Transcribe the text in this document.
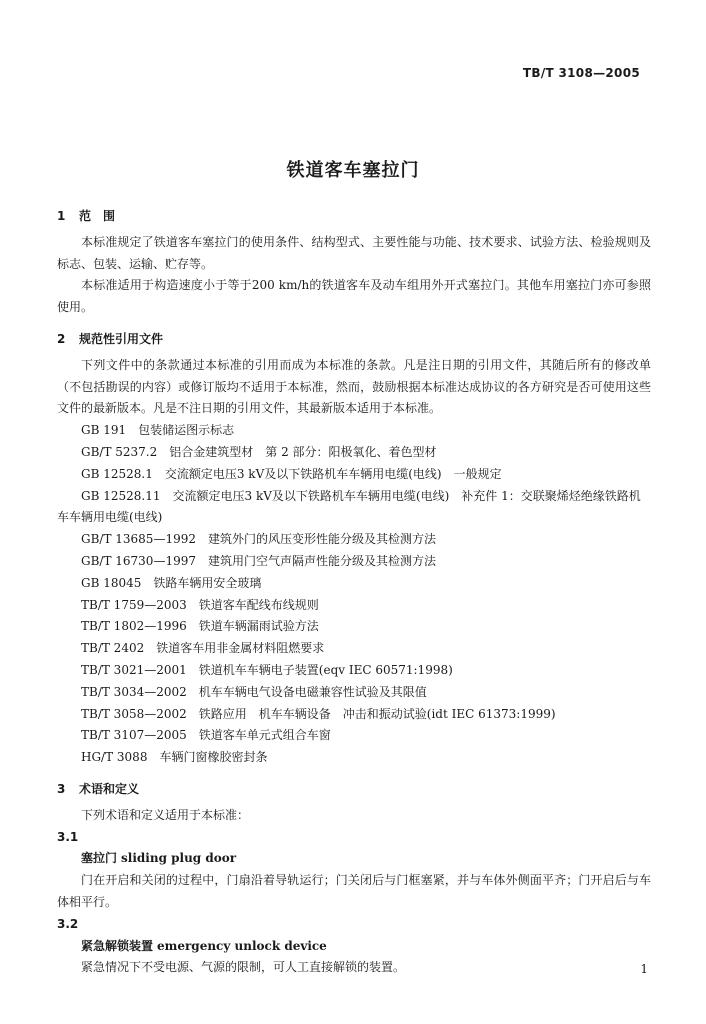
TB/T 3108—2005
铁道客车塞拉门
1 范　围

本标准规定了铁道客车塞拉门的使用条件、结构型式、主要性能与功能、技术要求、试验方法、检验规则及标志、包装、运输、贮存等。

本标准适用于构造速度小于等于200 km/h的铁道客车及动车组用外开式塞拉门。其他车用塞拉门亦可参照使用。

2 规范性引用文件

下列文件中的条款通过本标准的引用而成为本标准的条款。凡是注日期的引用文件，其随后所有的修改单（不包括勘误的内容）或修订版均不适用于本标准，然而，鼓励根据本标准达成协议的各方研究是否可使用这些文件的最新版本。凡是不注日期的引用文件，其最新版本适用于本标准。

GB 191　 包装储运图示标志

GB/T 5237.2　 铝合金建筑型材　第 2 部分：阳极氧化、着色型材

GB 12528.1　 交流额定电压3 kV及以下铁路机车车辆用电缆(电线)　一般规定

GB 12528.11　 交流额定电压3 kV及以下铁路机车车辆用电缆(电线)　补充件 1：交联聚烯烃绝缘铁路机车车辆用电缆(电线)

GB/T 13685—1992　 建筑外门的风压变形性能分级及其检测方法

GB/T 16730—1997　 建筑用门空气声隔声性能分级及其检测方法

GB 18045　 铁路车辆用安全玻璃

TB/T 1759—2003　 铁道客车配线布线规则

TB/T 1802—1996　 铁道车辆漏雨试验方法

TB/T 2402　 铁道客车用非金属材料阻燃要求

TB/T 3021—2001　 铁道机车车辆电子装置(eqv IEC 60571:1998)

TB/T 3034—2002　 机车车辆电气设备电磁兼容性试验及其限值

TB/T 3058—2002　 铁路应用　机车车辆设备　冲击和振动试验(idt IEC 61373:1999)

TB/T 3107—2005　 铁道客车单元式组合车窗

HG/T 3088　 车辆门窗橡胶密封条

3 术语和定义

下列术语和定义适用于本标准：

3.1

塞拉门 sliding plug door

门在开启和关闭的过程中，门扇沿着导轨运行；门关闭后与门框塞紧，并与车体外侧面平齐；门开启后与车体相平行。

3.2

紧急解锁装置 emergency unlock device

紧急情况下不受电源、气源的限制，可人工直接解锁的装置。	1
